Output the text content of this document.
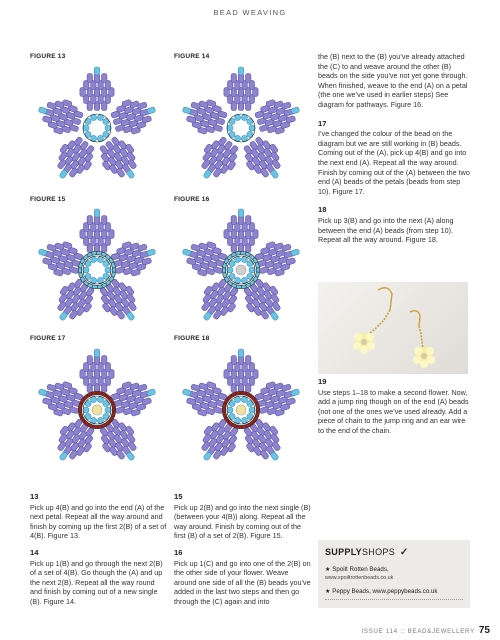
BEAD WEAVING
FIGURE 13	FIGURE 14
FIGURE 15	FIGURE 16
FIGURE 17	FIGURE 18

the (B) next to the (B) you’ve already attached the (C) to and weave around the other (B) beads on the side you’ve not yet gone through. When finished, weave to the end (A) on a petal (the one we’ve used in earlier steps) See diagram for pathways. Figure 16.

17
I’ve changed the colour of the bead on the diagram but we are still working in (B) beads. Coming out of the (A), pick up 4(B) and go into the next end (A). Repeat all the way around. Finish by coming out of the (A) between the two end (A) beads of the petals (beads from step 10). Figure 17.

18
Pick up 3(B) and go into the next (A) along between the end (A) beads (from step 10). Repeat all the way around. Figure 18.

19
Use steps 1–18 to make a second flower. Now, add a jump ring though on of the end (A) beads (not one of the ones we’ve used already. Add a piece of chain to the jump ring and an ear wire to the end of the chain.
13
Pick up 4(B) and go into the end (A) of the next petal. Repeat all the way around and finish by coming up the first 2(B) of a set of 4(B). Figure 13.
15
Pick up 2(B) and go into the next single (B) (between your 4(B)) along. Repeat all the way around. Finish by coming out of the first (B) of a set of 2(B). Figure 15.
14
Pick up 1(B) and go through the next 2(B) of a set of 4(B). Go though the (A) and up the next 2(B). Repeat all the way round and finish by coming out of a new single (B). Figure 14.
16
Pick up 1(C) and go into one of the 2(B) on the other side of your flower. Weave around one side of all the (B) beads you’ve added in the last two steps and then go through the (C) again and into
SUPPLYSHOPS ✓
★ Spoilt Rotten Beads,
www.spoiltrottenbeads.co.uk
★ Peppy Beads, www.peppybeads.co.uk
ISSUE 114 :: BEAD&JEWELLERY 75
